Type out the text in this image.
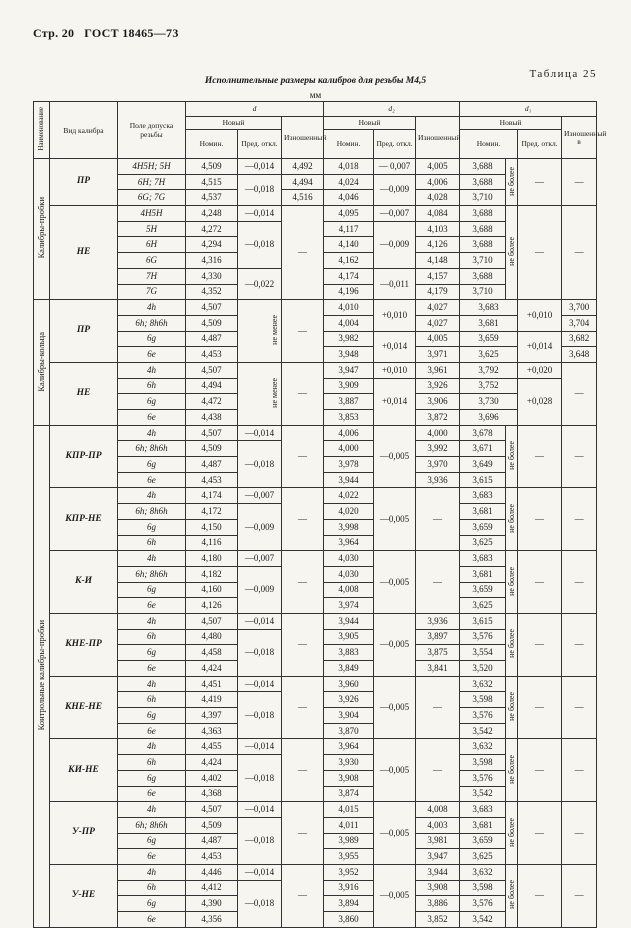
Стр. 20 ГОСТ 18465—73
Таблица 25
Исполнительные размеры калибров для резьбы М4,5
мм
Наименование	Вид калибра	Поле допуска резьбы	d			d₂			d₁			
			Новый		Изношенный	Новый		Изношенный	Новый			Изношенный в
			Номин.	Пред. откл.		Номин.	Пред. откл.		Номин.		Пред. откл.	
Калибры-пробки	ПР	4H5H; 5H	4,509	—0,014	4,492	4,018	— 0,007	4,005	3,688	не более	—	—
		6H; 7H	4,515	—0,018	4,494	4,024	—0,009	4,006	3,688			
		6G; 7G	4,537		4,516	4,046		4,028	3,710			
	НЕ	4H5H	4,248	—0,014	—	4,095	—0,007	4,084	3,688	не более	—	—
		5H	4,272	—0,018		4,117	—0,009	4,103	3,688			
		6H	4,294			4,140		4,126	3,688			
		6G	4,316			4,162		4,148	3,710			
		7H	4,330	—0,022		4,174	—0,011	4,157	3,688			
		7G	4,352			4,196		4,179	3,710			
Калибры-кольца	ПР	4h	4,507	не менее	—	4,010	+0,010	4,027	3,683		+0,010	3,700
		6h; 8h6h	4,509			4,004		4,027	3,681			3,704
		6g	4,487			3,982	+0,014	4,005	3,659		+0,014	3,682
		6e	4,453			3,948		3,971	3,625			3,648
	НЕ	4h	4,507	не менее	—	3,947	+0,010	3,961	3,792		+0,020	—
		6h	4,494			3,909	+0,014	3,926	3,752		+0,028	
		6g	4,472			3,887		3,906	3,730			
		6e	4,438			3,853		3,872	3,696			
Контрольные калибры-пробки	КПР-ПР	4h	4,507	—0,014	—	4,006	—0,005	4,000	3,678	не более	—	—
		6h; 8h6h	4,509	—0,018		4,000		3,992	3,671			
		6g	4,487			3,978		3,970	3,649			
		6e	4,453			3,944		3,936	3,615			
	КПР-НЕ	4h	4,174	—0,007	—	4,022	—0,005	—	3,683	не более	—	—
		6h; 8h6h	4,172	—0,009		4,020			3,681			
		6g	4,150			3,998			3,659			
		6h	4,116			3,964			3,625			
	К-И	4h	4,180	—0,007	—	4,030	—0,005	—	3,683	не более	—	—
		6h; 8h6h	4,182	—0,009		4,030			3,681			
		6g	4,160			4,008			3,659			
		6e	4,126			3,974			3,625			
	КНЕ-ПР	4h	4,507	—0,014	—	3,944	—0,005	3,936	3,615	не более	—	—
		6h	4,480	—0,018		3,905		3,897	3,576			
		6g	4,458			3,883		3,875	3,554			
		6e	4,424			3,849		3,841	3,520			
	КНЕ-НЕ	4h	4,451	—0,014	—	3,960	—0,005	—	3,632	не более	—	—
		6h	4,419	—0,018		3,926			3,598			
		6g	4,397			3,904			3,576			
		6e	4,363			3,870			3,542			
	КИ-НЕ	4h	4,455	—0,014	—	3,964	—0,005	—	3,632	не более	—	—
		6h	4,424	—0,018		3,930			3,598			
		6g	4,402			3,908			3,576			
		6e	4,368			3,874			3,542			
	У-ПР	4h	4,507	—0,014	—	4,015	—0,005	4,008	3,683	не более	—	—
		6h; 8h6h	4,509	—0,018		4,011		4,003	3,681			
		6g	4,487			3,989		3,981	3,659			
		6e	4,453			3,955		3,947	3,625			
	У-НЕ	4h	4,446	—0,014	—	3,952	—0,005	3,944	3,632	не более	—	—
		6h	4,412	—0,018		3,916		3,908	3,598			
		6g	4,390			3,894		3,886	3,576			
		6e	4,356			3,860		3,852	3,542			
